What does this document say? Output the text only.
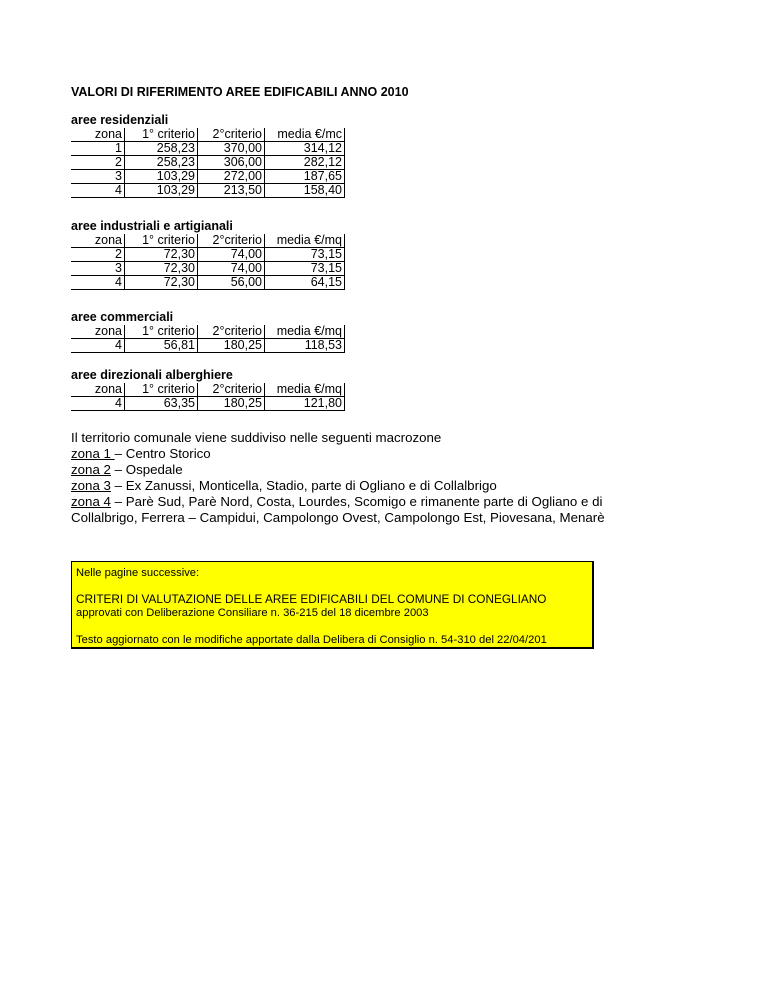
VALORI DI RIFERIMENTO AREE EDIFICABILI ANNO 2010
aree residenziali
zona	1° criterio	2°criterio	media €/mc
1	258,23	370,00	314,12
2	258,23	306,00	282,12
3	103,29	272,00	187,65
4	103,29	213,50	158,40
aree industriali e artigianali
zona	1° criterio	2°criterio	media €/mq
2	72,30	74,00	73,15
3	72,30	74,00	73,15
4	72,30	56,00	64,15
aree commerciali
zona	1° criterio	2°criterio	media €/mq
4	56,81	180,25	118,53
aree direzionali alberghiere
zona	1° criterio	2°criterio	media €/mq
4	63,35	180,25	121,80
Il territorio comunale viene suddiviso nelle seguenti macrozone
zona 1 – Centro Storico
zona 2 – Ospedale
zona 3 – Ex Zanussi, Monticella, Stadio, parte di Ogliano e di Collalbrigo
zona 4 – Parè Sud, Parè Nord, Costa, Lourdes, Scomigo e rimanente parte di Ogliano e di
Collalbrigo, Ferrera – Campidui, Campolongo Ovest, Campolongo Est, Piovesana, Menarè
Nelle pagine successive:
CRITERI DI VALUTAZIONE DELLE AREE EDIFICABILI DEL COMUNE DI CONEGLIANO
approvati con Deliberazione Consiliare n. 36-215 del 18 dicembre 2003
Testo aggiornato con le modifiche apportate dalla Delibera di Consiglio n. 54-310 del 22/04/201
